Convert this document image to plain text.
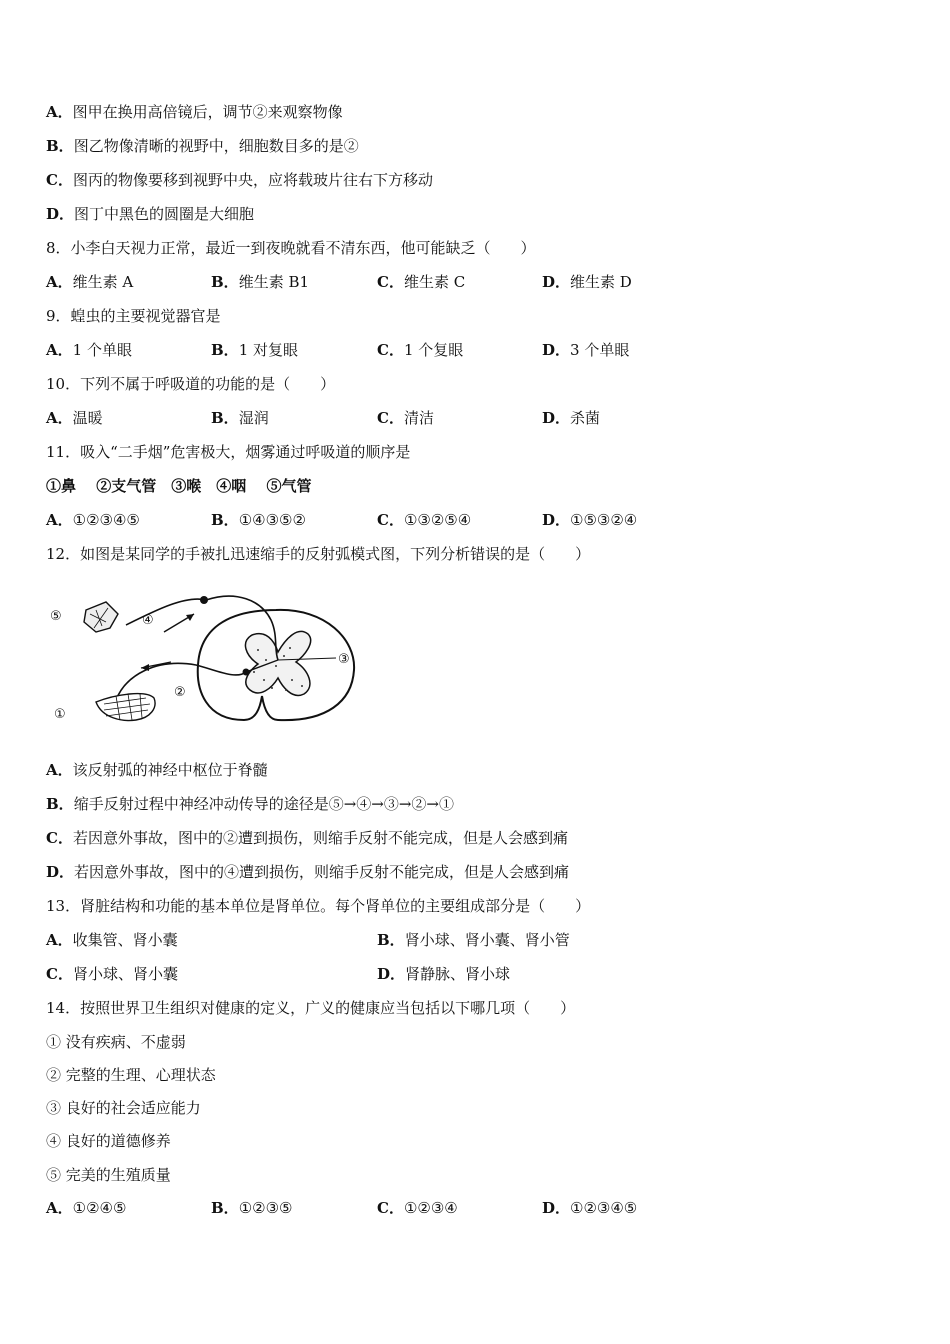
A．图甲在换用高倍镜后，调节②来观察物像
B．图乙物像清晰的视野中，细胞数目多的是②
C．图丙的物像要移到视野中央，应将载玻片往右下方移动
D．图丁中黑色的圆圈是大细胞
8．小李白天视力正常，最近一到夜晚就看不清东西，他可能缺乏（　　）
A．维生素 A	B．维生素 B1	C．维生素 C	D．维生素 D
9．蝗虫的主要视觉器官是
A．1 个单眼	B．1 对复眼	C．1 个复眼	D．3 个单眼
10．下列不属于呼吸道的功能的是（　　）
A．温暖	B．湿润	C．清洁	D．杀菌
11．吸入“二手烟”危害极大，烟雾通过呼吸道的顺序是
①鼻　 ②支气管　③喉　④咽　 ⑤气管
A．①②③④⑤	B．①④③⑤②	C．①③②⑤④	D．①⑤③②④
12．如图是某同学的手被扎迅速缩手的反射弧模式图，下列分析错误的是（　　）
⑤	④
③
②
①
A．该反射弧的神经中枢位于脊髓
B．缩手反射过程中神经冲动传导的途径是⑤→④→③→②→①
C．若因意外事故，图中的②遭到损伤，则缩手反射不能完成，但是人会感到痛
D．若因意外事故，图中的④遭到损伤，则缩手反射不能完成，但是人会感到痛
13．肾脏结构和功能的基本单位是肾单位。每个肾单位的主要组成部分是（　　）
A．收集管、肾小囊	B．肾小球、肾小囊、肾小管
C．肾小球、肾小囊	D．肾静脉、肾小球
14．按照世界卫生组织对健康的定义，广义的健康应当包括以下哪几项（　　）
① 没有疾病、不虚弱
② 完整的生理、心理状态
③ 良好的社会适应能力
④ 良好的道德修养
⑤ 完美的生殖质量
A．①②④⑤	B．①②③⑤	C．①②③④	D．①②③④⑤
